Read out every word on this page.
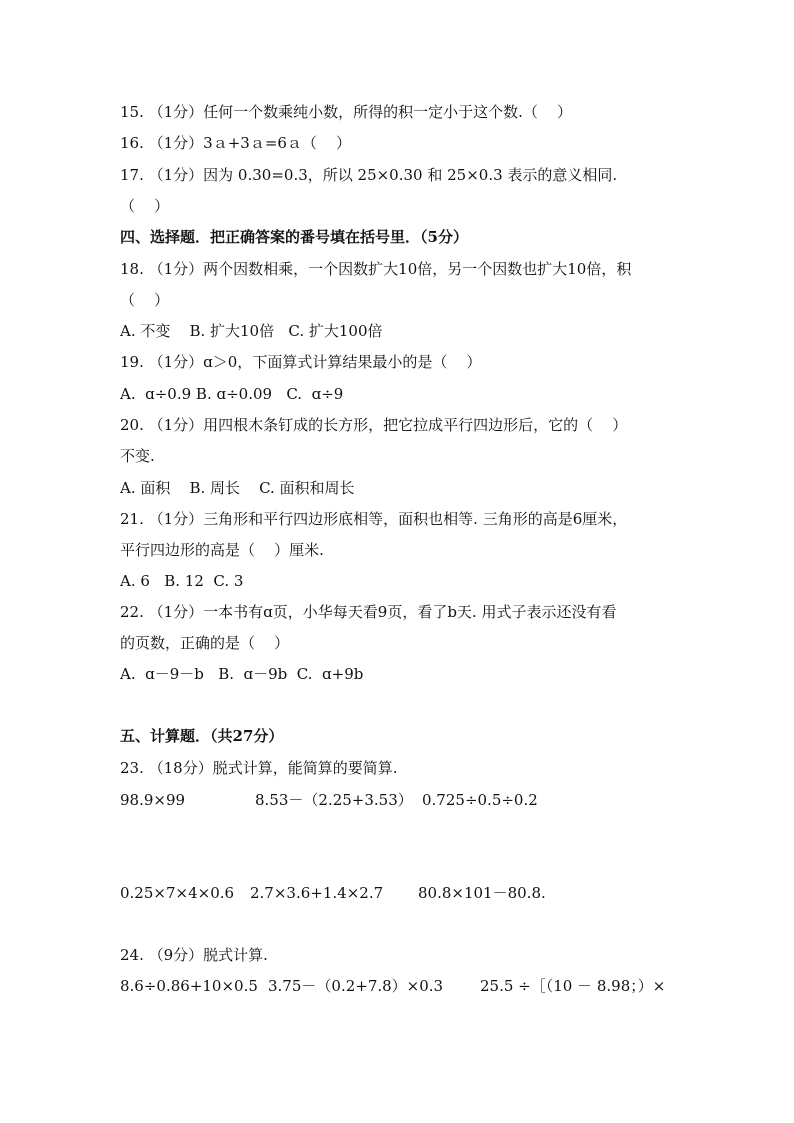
15. （1分）任何一个数乘纯小数，所得的积一定小于这个数.（    ）
16. （1分）3ａ+3ａ=6ａ（    ）
17. （1分）因为 0.30=0.3，所以 25×0.30 和 25×0.3 表示的意义相同.
（    ）
四、选择题．把正确答案的番号填在括号里．（5分）
18. （1分）两个因数相乘，一个因数扩大10倍，另一个因数也扩大10倍，积
（    ）
A. 不变    B. 扩大10倍   C. 扩大100倍
19. （1分）ɑ＞0，下面算式计算结果最小的是（    ）
A.  ɑ÷0.9 B. ɑ÷0.09   C.  ɑ÷9
20. （1分）用四根木条钉成的长方形，把它拉成平行四边形后，它的（    ）
不变.
A. 面积    B. 周长    C. 面积和周长
21. （1分）三角形和平行四边形底相等，面积也相等. 三角形的高是6厘米，
平行四边形的高是（    ）厘米.
A. 6   B. 12  C. 3
22. （1分）一本书有ɑ页，小华每天看9页，看了b天. 用式子表示还没有看
的页数，正确的是（    ）
A.  ɑ－9－b   B.  ɑ－9b  C.  ɑ+9b
五、计算题．（共27分）
23. （18分）脱式计算，能简算的要简算.
98.9×99	8.53－（2.25+3.53） 0.725÷0.5÷0.2
0.25×7×4×0.6 2.7×3.6+1.4×2.7 80.8×101－80.8.
24. （9分）脱式计算.
8.6÷0.86+10×0.5 3.75－（0.2+7.8）×0.3 25.5 ÷［（10 － 8.98；）×
